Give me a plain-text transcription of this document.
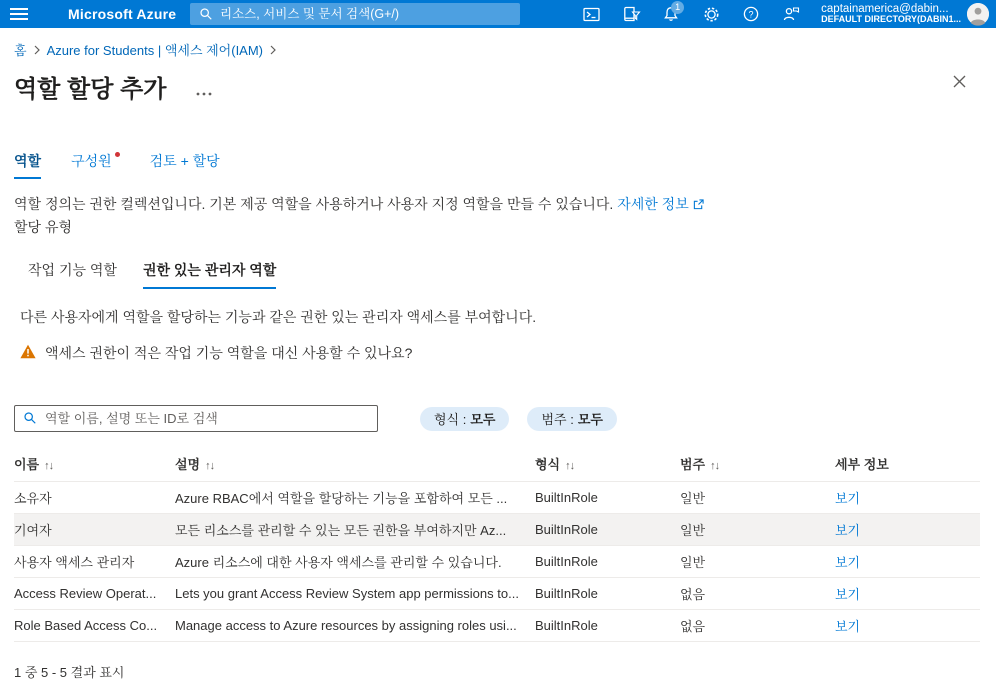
Microsoft Azure
리소스, 서비스 및 문서 검색(G+/)	1
?	captainamerica@dabin...
DEFAULT DIRECTORY(DABIN1...
홈 Azure for Students | 액세스 제어(IAM)
역할 할당 추가
역할 구성원	검토 + 할당
역할 정의는 권한 컬렉션입니다. 기본 제공 역할을 사용하거나 사용자 지정 역할을 만들 수 있습니다. 자세한 정보
할당 유형
작업 기능 역할 권한 있는 관리자 역할
다른 사용자에게 역할을 할당하는 기능과 같은 권한 있는 관리자 액세스를 부여합니다.
액세스 권한이 적은 작업 기능 역할을 대신 사용할 수 있나요?
역할 이름, 설명 또는 ID로 검색
형식 : 모두	범주 : 모두
이름 ↑↓	설명 ↑↓	형식 ↑↓	범주 ↑↓	세부 정보
소유자	Azure RBAC에서 역할을 할당하는 기능을 포함하여 모든 ...	BuiltInRole	일반	보기
기여자	모든 리소스를 관리할 수 있는 모든 권한을 부여하지만 Az...	BuiltInRole	일반	보기
사용자 액세스 관리자	Azure 리소스에 대한 사용자 액세스를 관리할 수 있습니다.	BuiltInRole	일반	보기
Access Review Operat...	Lets you grant Access Review System app permissions to...	BuiltInRole	없음	보기
Role Based Access Co...	Manage access to Azure resources by assigning roles usi...	BuiltInRole	없음	보기
1 중 5 - 5 결과 표시
